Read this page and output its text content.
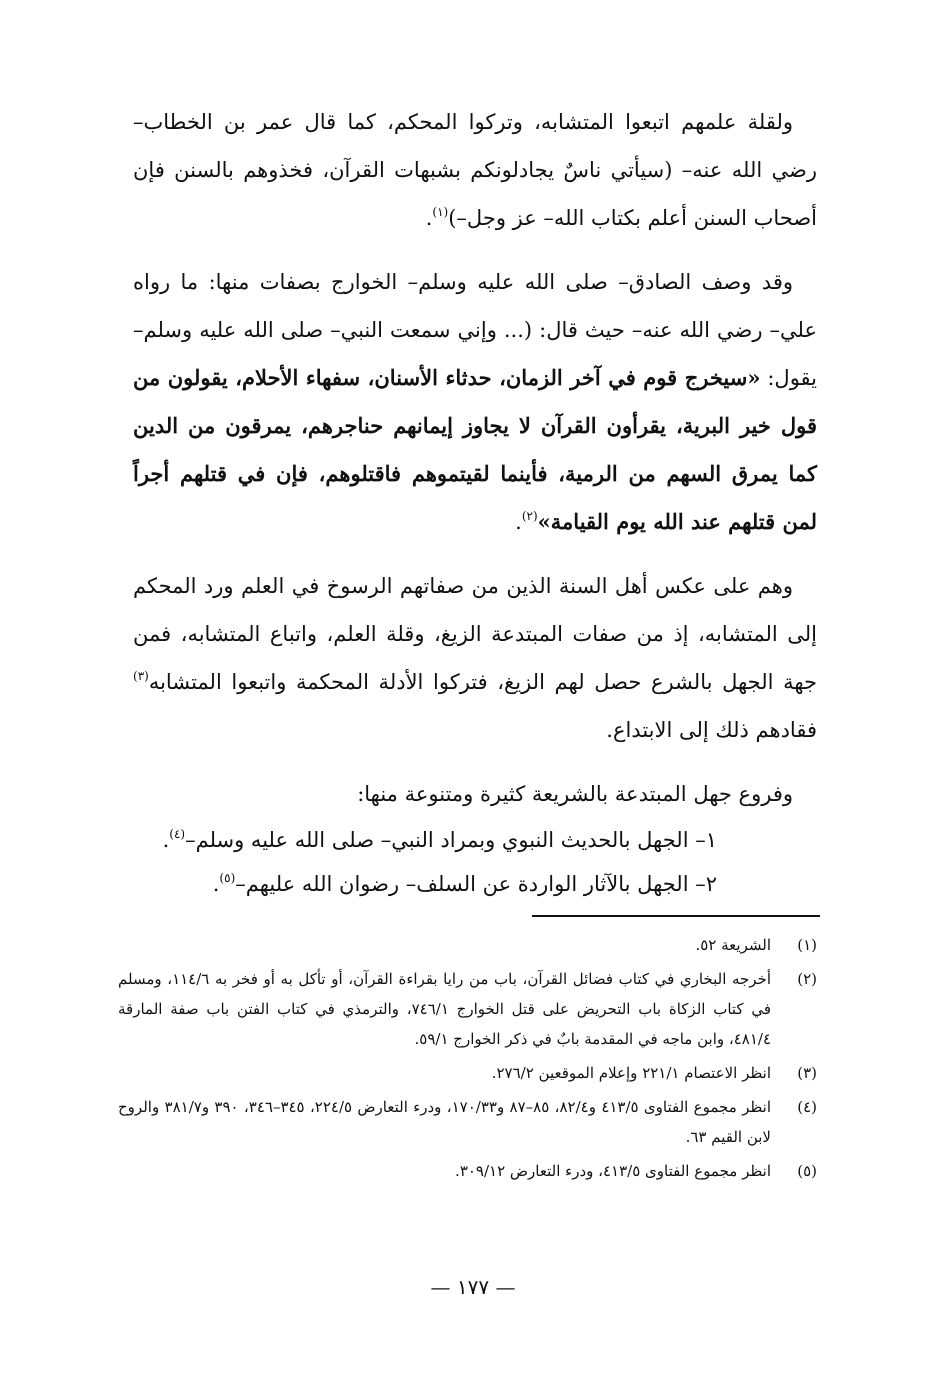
ولقلة علمهم اتبعوا المتشابه، وتركوا المحكم، كما قال عمر بن الخطاب– رضي الله عنه– (سيأتي ناسٌ يجادلونكم بشبهات القرآن، فخذوهم بالسنن فإن أصحاب السنن أعلم بكتاب الله– عز وجل–)$^{(١)}$.

وقد وصف الصادق– صلى الله عليه وسلم– الخوارج بصفات منها: ما رواه علي– رضي الله عنه– حيث قال: (... وإني سمعت النبي– صلى الله عليه وسلم– يقول: «سيخرج قوم في آخر الزمان، حدثاء الأسنان، سفهاء الأحلام، يقولون من قول خير البرية، يقرأون القرآن لا يجاوز إيمانهم حناجرهم، يمرقون من الدين كما يمرق السهم من الرمية، فأينما لقيتموهم فاقتلوهم، فإن في قتلهم أجراً لمن قتلهم عند الله يوم القيامة»$^{(٢)}$.

وهم على عكس أهل السنة الذين من صفاتهم الرسوخ في العلم ورد المحكم إلى المتشابه، إذ من صفات المبتدعة الزيغ، وقلة العلم، واتباع المتشابه، فمن جهة الجهل بالشرع حصل لهم الزيغ، فتركوا الأدلة المحكمة واتبعوا المتشابه$^{(٣)}$ فقادهم ذلك إلى الابتداع.

وفروع جهل المبتدعة بالشريعة كثيرة ومتنوعة منها:

١– الجهل بالحديث النبوي وبمراد النبي– صلى الله عليه وسلم–$^{(٤)}$.

٢– الجهل بالآثار الواردة عن السلف– رضوان الله عليهم–$^{(٥)}$.

(١)
الشريعة ٥٢.
(٢)
أخرجه البخاري في كتاب فضائل القرآن، باب من رايا بقراءة القرآن، أو تأكل به أو فخر به ١١٤/٦، ومسلم في كتاب الزكاة باب التحريض على قتل الخوارج ٧٤٦/١، والترمذي في كتاب الفتن باب صفة المارقة ٤٨١/٤، وابن ماجه في المقدمة بابٌ في ذكر الخوارج ٥٩/١.
(٣)
انظر الاعتصام ٢٢١/١ وإعلام الموقعين ٢٧٦/٢.
(٤)
انظر مجموع الفتاوى ٤١٣/٥ و٨٢/٤، ٨٥–٨٧ و١٧٠/٣٣، ودرء التعارض ٢٢٤/٥، ٣٤٥–٣٤٦، ٣٩٠ و٣٨١/٧ والروح لابن القيم ٦٣.
(٥)
انظر مجموع الفتاوى ٤١٣/٥، ودرء التعارض ٣٠٩/١٢.
— ١٧٧ —
